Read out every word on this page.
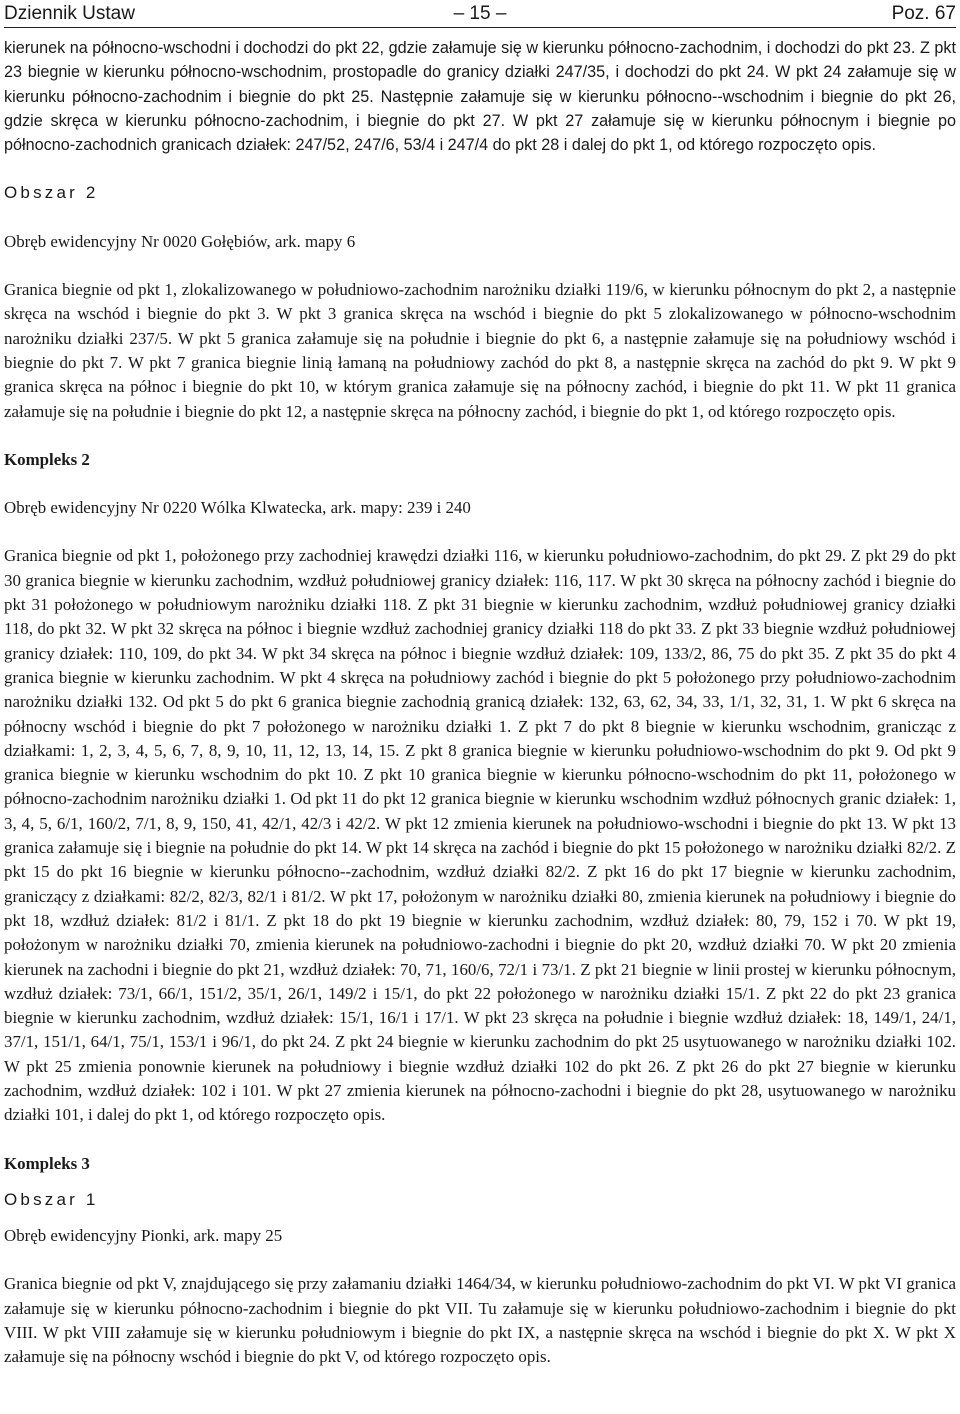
Dziennik Ustaw	– 15 –	Poz. 67

kierunek na północno-wschodni i dochodzi do pkt 22, gdzie załamuje się w kierunku północno-zachodnim, i dochodzi do pkt 23. Z pkt 23 biegnie w kierunku północno-wschodnim, prostopadle do granicy działki 247/35, i dochodzi do pkt 24. W pkt 24 załamuje się w kierunku północno-zachodnim i biegnie do pkt 25. Następnie załamuje się w kierunku północno--wschodnim i biegnie do pkt 26, gdzie skręca w kierunku północno-zachodnim, i biegnie do pkt 27. W pkt 27 załamuje się w kierunku północnym i biegnie po północno-zachodnich granicach działek: 247/52, 247/6, 53/4 i 247/4 do pkt 28 i dalej do pkt 1, od którego rozpoczęto opis.

Obszar 2

Obręb ewidencyjny Nr 0020 Gołębiów, ark. mapy 6

Granica biegnie od pkt 1, zlokalizowanego w południowo-zachodnim narożniku działki 119/6, w kierunku północnym do pkt 2, a następnie skręca na wschód i biegnie do pkt 3. W pkt 3 granica skręca na wschód i biegnie do pkt 5 zlokalizowanego w północno-wschodnim narożniku działki 237/5. W pkt 5 granica załamuje się na południe i biegnie do pkt 6, a następnie załamuje się na południowy wschód i biegnie do pkt 7. W pkt 7 granica biegnie linią łamaną na południowy zachód do pkt 8, a następnie skręca na zachód do pkt 9. W pkt 9 granica skręca na północ i biegnie do pkt 10, w którym granica załamuje się na północny zachód, i biegnie do pkt 11. W pkt 11 granica załamuje się na południe i biegnie do pkt 12, a następnie skręca na północny zachód, i biegnie do pkt 1, od którego rozpoczęto opis.

Kompleks 2

Obręb ewidencyjny Nr 0220 Wólka Klwatecka, ark. mapy: 239 i 240

Granica biegnie od pkt 1, położonego przy zachodniej krawędzi działki 116, w kierunku południowo-zachodnim, do pkt 29. Z pkt 29 do pkt 30 granica biegnie w kierunku zachodnim, wzdłuż południowej granicy działek: 116, 117. W pkt 30 skręca na północny zachód i biegnie do pkt 31 położonego w południowym narożniku działki 118. Z pkt 31 biegnie w kierunku zachodnim, wzdłuż południowej granicy działki 118, do pkt 32. W pkt 32 skręca na północ i biegnie wzdłuż zachodniej granicy działki 118 do pkt 33. Z pkt 33 biegnie wzdłuż południowej granicy działek: 110, 109, do pkt 34. W pkt 34 skręca na północ i biegnie wzdłuż działek: 109, 133/2, 86, 75 do pkt 35. Z pkt 35 do pkt 4 granica biegnie w kierunku zachodnim. W pkt 4 skręca na południowy zachód i biegnie do pkt 5 położonego przy południowo-zachodnim narożniku działki 132. Od pkt 5 do pkt 6 granica biegnie zachodnią granicą działek: 132, 63, 62, 34, 33, 1/1, 32, 31, 1. W pkt 6 skręca na północny wschód i biegnie do pkt 7 położonego w narożniku działki 1. Z pkt 7 do pkt 8 biegnie w kierunku wschodnim, granicząc z działkami: 1, 2, 3, 4, 5, 6, 7, 8, 9, 10, 11, 12, 13, 14, 15. Z pkt 8 granica biegnie w kierunku południowo-wschodnim do pkt 9. Od pkt 9 granica biegnie w kierunku wschodnim do pkt 10. Z pkt 10 granica biegnie w kierunku północno-wschodnim do pkt 11, położonego w północno-zachodnim narożniku działki 1. Od pkt 11 do pkt 12 granica biegnie w kierunku wschodnim wzdłuż północnych granic działek: 1, 3, 4, 5, 6/1, 160/2, 7/1, 8, 9, 150, 41, 42/1, 42/3 i 42/2. W pkt 12 zmienia kierunek na południowo-wschodni i biegnie do pkt 13. W pkt 13 granica załamuje się i biegnie na południe do pkt 14. W pkt 14 skręca na zachód i biegnie do pkt 15 położonego w narożniku działki 82/2. Z pkt 15 do pkt 16 biegnie w kierunku północno--zachodnim, wzdłuż działki 82/2. Z pkt 16 do pkt 17 biegnie w kierunku zachodnim, graniczący z działkami: 82/2, 82/3, 82/1 i 81/2. W pkt 17, położonym w narożniku działki 80, zmienia kierunek na południowy i biegnie do pkt 18, wzdłuż działek: 81/2 i 81/1. Z pkt 18 do pkt 19 biegnie w kierunku zachodnim, wzdłuż działek: 80, 79, 152 i 70. W pkt 19, położonym w narożniku działki 70, zmienia kierunek na południowo-zachodni i biegnie do pkt 20, wzdłuż działki 70. W pkt 20 zmienia kierunek na zachodni i biegnie do pkt 21, wzdłuż działek: 70, 71, 160/6, 72/1 i 73/1. Z pkt 21 biegnie w linii prostej w kierunku północnym, wzdłuż działek: 73/1, 66/1, 151/2, 35/1, 26/1, 149/2 i 15/1, do pkt 22 położonego w narożniku działki 15/1. Z pkt 22 do pkt 23 granica biegnie w kierunku zachodnim, wzdłuż działek: 15/1, 16/1 i 17/1. W pkt 23 skręca na południe i biegnie wzdłuż działek: 18, 149/1, 24/1, 37/1, 151/1, 64/1, 75/1, 153/1 i 96/1, do pkt 24. Z pkt 24 biegnie w kierunku zachodnim do pkt 25 usytuowanego w narożniku działki 102. W pkt 25 zmienia ponownie kierunek na południowy i biegnie wzdłuż działki 102 do pkt 26. Z pkt 26 do pkt 27 biegnie w kierunku zachodnim, wzdłuż działek: 102 i 101. W pkt 27 zmienia kierunek na północno-zachodni i biegnie do pkt 28, usytuowanego w narożniku działki 101, i dalej do pkt 1, od którego rozpoczęto opis.

Kompleks 3

Obszar 1

Obręb ewidencyjny Pionki, ark. mapy 25

Granica biegnie od pkt V, znajdującego się przy załamaniu działki 1464/34, w kierunku południowo-zachodnim do pkt VI. W pkt VI granica załamuje się w kierunku północno-zachodnim i biegnie do pkt VII. Tu załamuje się w kierunku południowo-zachodnim i biegnie do pkt VIII. W pkt VIII załamuje się w kierunku południowym i biegnie do pkt IX, a następnie skręca na wschód i biegnie do pkt X. W pkt X załamuje się na północny wschód i biegnie do pkt V, od którego rozpoczęto opis.
